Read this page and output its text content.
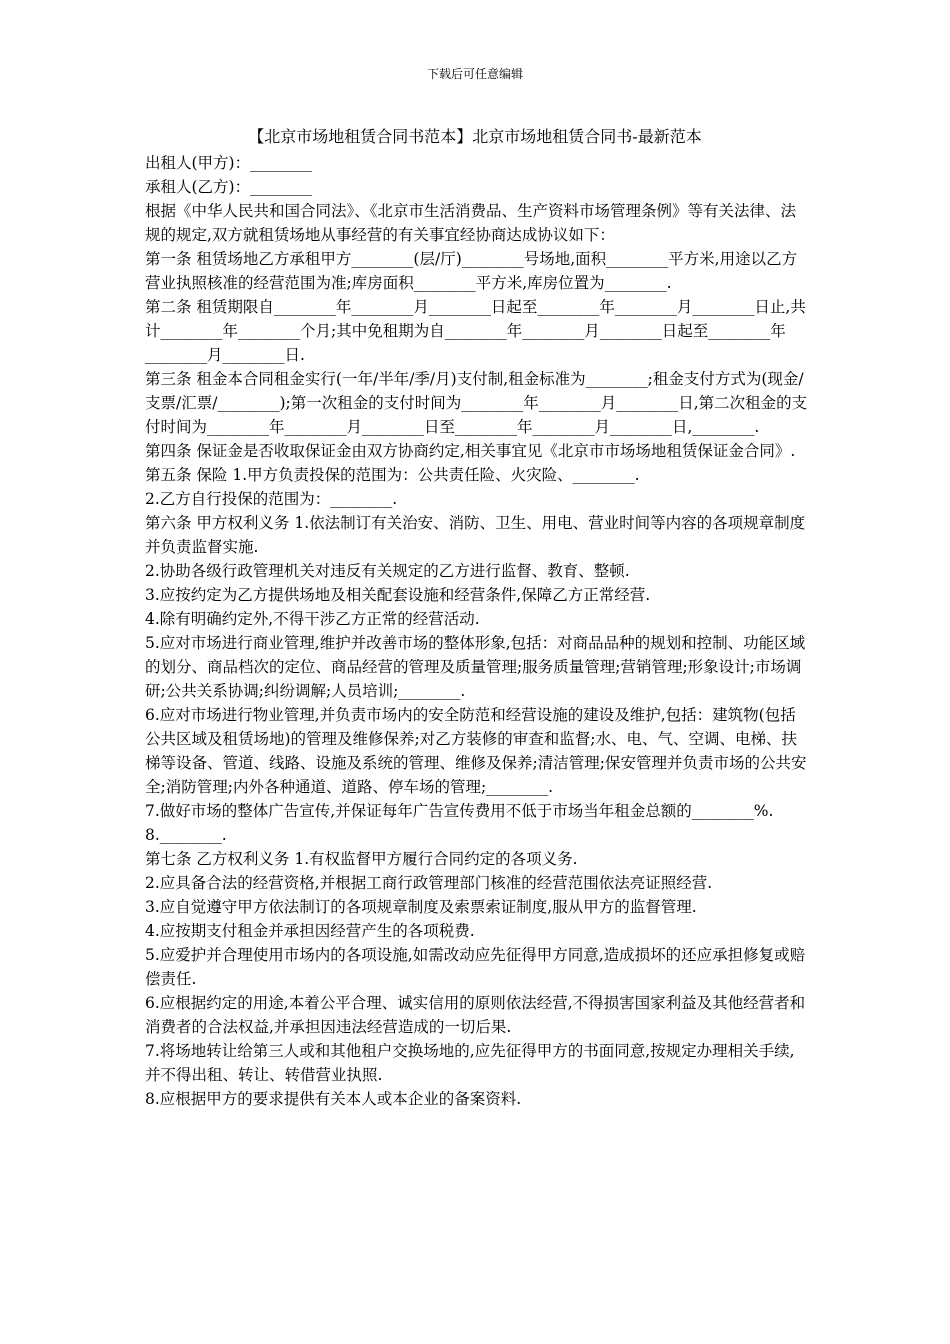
下载后可任意编辑
【北京市场地租赁合同书范本】北京市场地租赁合同书-最新范本

出租人(甲方)：________

承租人(乙方)：________

根据《中华人民共和国合同法》、《北京市生活消费品、生产资料市场管理条例》等有关法律、法规的规定,双方就租赁场地从事经营的有关事宜经协商达成协议如下：

第一条 租赁场地乙方承租甲方________(层/厅)________号场地,面积________平方米,用途以乙方营业执照核准的经营范围为准;库房面积________平方米,库房位置为________.

第二条 租赁期限自________年________月________日起至________年________月________日止,共计________年________个月;其中免租期为自________年________月________日起至________年________月________日.

第三条 租金本合同租金实行(一年/半年/季/月)支付制,租金标准为________;租金支付方式为(现金/支票/汇票/________);第一次租金的支付时间为________年________月________日,第二次租金的支付时间为________年________月________日至________年________月________日,________.

第四条 保证金是否收取保证金由双方协商约定,相关事宜见《北京市市场场地租赁保证金合同》.

第五条 保险 1.甲方负责投保的范围为：公共责任险、火灾险、________.

2.乙方自行投保的范围为：________.

第六条 甲方权利义务 1.依法制订有关治安、消防、卫生、用电、营业时间等内容的各项规章制度并负责监督实施.

2.协助各级行政管理机关对违反有关规定的乙方进行监督、教育、整顿.

3.应按约定为乙方提供场地及相关配套设施和经营条件,保障乙方正常经营.

4.除有明确约定外,不得干涉乙方正常的经营活动.

5.应对市场进行商业管理,维护并改善市场的整体形象,包括：对商品品种的规划和控制、功能区域的划分、商品档次的定位、商品经营的管理及质量管理;服务质量管理;营销管理;形象设计;市场调研;公共关系协调;纠纷调解;人员培训;________.

6.应对市场进行物业管理,并负责市场内的安全防范和经营设施的建设及维护,包括：建筑物(包括公共区域及租赁场地)的管理及维修保养;对乙方装修的审查和监督;水、电、气、空调、电梯、扶梯等设备、管道、线路、设施及系统的管理、维修及保养;清洁管理;保安管理并负责市场的公共安全;消防管理;内外各种通道、道路、停车场的管理;________.

7.做好市场的整体广告宣传,并保证每年广告宣传费用不低于市场当年租金总额的________%.

8.________.

第七条 乙方权利义务 1.有权监督甲方履行合同约定的各项义务.

2.应具备合法的经营资格,并根据工商行政管理部门核准的经营范围依法亮证照经营.

3.应自觉遵守甲方依法制订的各项规章制度及索票索证制度,服从甲方的监督管理.

4.应按期支付租金并承担因经营产生的各项税费.

5.应爱护并合理使用市场内的各项设施,如需改动应先征得甲方同意,造成损坏的还应承担修复或赔偿责任.

6.应根据约定的用途,本着公平合理、诚实信用的原则依法经营,不得损害国家利益及其他经营者和消费者的合法权益,并承担因违法经营造成的一切后果.

7.将场地转让给第三人或和其他租户交换场地的,应先征得甲方的书面同意,按规定办理相关手续,并不得出租、转让、转借营业执照.

8.应根据甲方的要求提供有关本人或本企业的备案资料.
